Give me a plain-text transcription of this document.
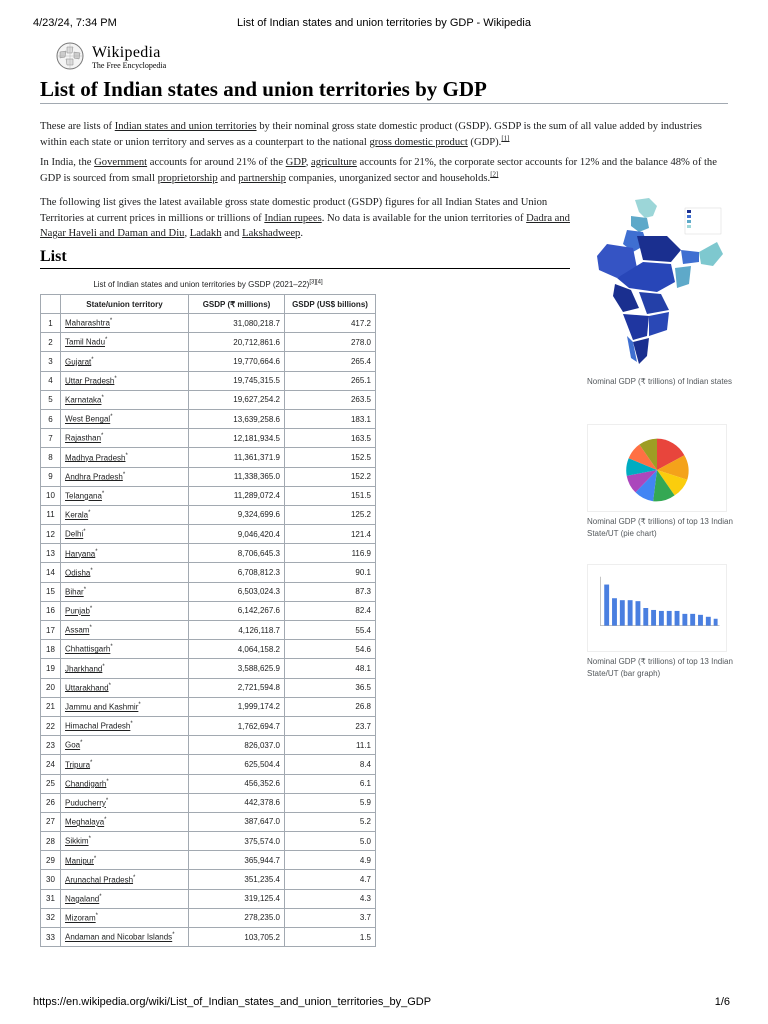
4/23/24, 7:34 PM	List of Indian states and union territories by GDP - Wikipedia
Wikipedia
The Free Encyclopedia
List of Indian states and union territories by GDP

These are lists of Indian states and union territories by their nominal gross state domestic product (GSDP). GSDP is the sum of all value added by industries within each state or union territory and serves as a counterpart to the national gross domestic product (GDP).[1]

In India, the Government accounts for around 21% of the GDP, agriculture accounts for 21%, the corporate sector accounts for 12% and the balance 48% of the GDP is sourced from small proprietorship and partnership companies, unorganized sector and households.[2]

The following list gives the latest available gross state domestic product (GSDP) figures for all Indian States and Union Territories at current prices in millions or trillions of Indian rupees. No data is available for the union territories of Dadra and Nagar Haveli and Daman and Diu, Ladakh and Lakshadweep.

List
List of Indian states and union territories by GSDP (2021–22)[3][4]
	State/union territory	GSDP (₹ millions)	GSDP (US$ billions)
1	Maharashtra*	31,080,218.7	417.2
2	Tamil Nadu*	20,712,861.6	278.0
3	Gujarat*	19,770,664.6	265.4
4	Uttar Pradesh*	19,745,315.5	265.1
5	Karnataka*	19,627,254.2	263.5
6	West Bengal*	13,639,258.6	183.1
7	Rajasthan*	12,181,934.5	163.5
8	Madhya Pradesh*	11,361,371.9	152.5
9	Andhra Pradesh*	11,338,365.0	152.2
10	Telangana*	11,289,072.4	151.5
11	Kerala*	9,324,699.6	125.2
12	Delhi*	9,046,420.4	121.4
13	Haryana*	8,706,645.3	116.9
14	Odisha*	6,708,812.3	90.1
15	Bihar*	6,503,024.3	87.3
16	Punjab*	6,142,267.6	82.4
17	Assam*	4,126,118.7	55.4
18	Chhattisgarh*	4,064,158.2	54.6
19	Jharkhand*	3,588,625.9	48.1
20	Uttarakhand*	2,721,594.8	36.5
21	Jammu and Kashmir*	1,999,174.2	26.8
22	Himachal Pradesh*	1,762,694.7	23.7
23	Goa*	826,037.0	11.1
24	Tripura*	625,504.4	8.4
25	Chandigarh*	456,352.6	6.1
26	Puducherry*	442,378.6	5.9
27	Meghalaya*	387,647.0	5.2
28	Sikkim*	375,574.0	5.0
29	Manipur*	365,944.7	4.9
30	Arunachal Pradesh*	351,235.4	4.7
31	Nagaland*	319,125.4	4.3
32	Mizoram*	278,235.0	3.7
33	Andaman and Nicobar Islands*	103,705.2	1.5
Nominal GDP (₹ trillions) of Indian states
Nominal GDP (₹ trillions) of top 13 Indian State/UT (pie chart)
Nominal GDP (₹ trillions) of top 13 Indian State/UT (bar graph)
https://en.wikipedia.org/wiki/List_of_Indian_states_and_union_territories_by_GDP	1/6
